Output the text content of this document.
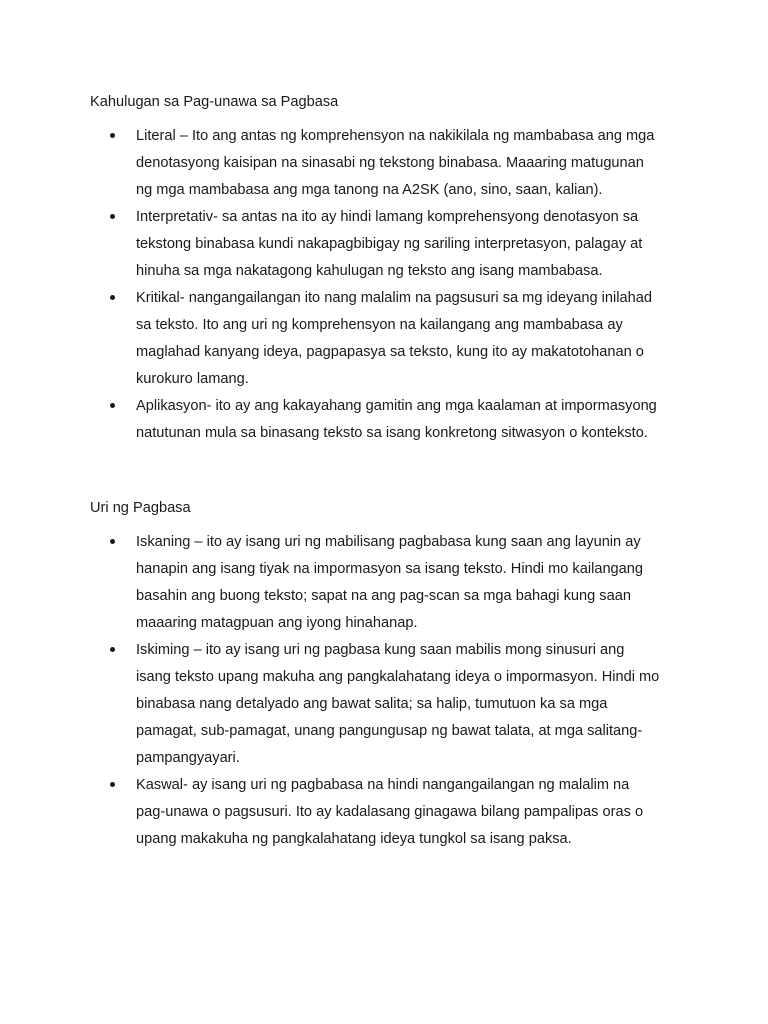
Kahulugan sa Pag-unawa sa Pagbasa
Literal – Ito ang antas ng komprehensyon na nakikilala ng mambabasa ang mga
denotasyong kaisipan na sinasabi ng tekstong binabasa. Maaaring matugunan
ng mga mambabasa ang mga tanong na A2SK (ano, sino, saan, kalian).
Interpretativ- sa antas na ito ay hindi lamang komprehensyong denotasyon sa
tekstong binabasa kundi nakapagbibigay ng sariling interpretasyon, palagay at
hinuha sa mga nakatagong kahulugan ng teksto ang isang mambabasa.
Kritikal- nangangailangan ito nang malalim na pagsusuri sa mg ideyang inilahad
sa teksto. Ito ang uri ng komprehensyon na kailangang ang mambabasa ay
maglahad kanyang ideya, pagpapasya sa teksto, kung ito ay makatotohanan o
kurokuro lamang.
Aplikasyon- ito ay ang kakayahang gamitin ang mga kaalaman at impormasyong
natutunan mula sa binasang teksto sa isang konkretong sitwasyon o konteksto.
Uri ng Pagbasa
Iskaning – ito ay isang uri ng mabilisang pagbabasa kung saan ang layunin ay
hanapin ang isang tiyak na impormasyon sa isang teksto. Hindi mo kailangang
basahin ang buong teksto; sapat na ang pag-scan sa mga bahagi kung saan
maaaring matagpuan ang iyong hinahanap.
Iskiming – ito ay isang uri ng pagbasa kung saan mabilis mong sinusuri ang
isang teksto upang makuha ang pangkalahatang ideya o impormasyon. Hindi mo
binabasa nang detalyado ang bawat salita; sa halip, tumutuon ka sa mga
pamagat, sub-pamagat, unang pangungusap ng bawat talata, at mga salitang-
pampangyayari.
Kaswal- ay isang uri ng pagbabasa na hindi nangangailangan ng malalim na
pag-unawa o pagsusuri. Ito ay kadalasang ginagawa bilang pampalipas oras o
upang makakuha ng pangkalahatang ideya tungkol sa isang paksa.
